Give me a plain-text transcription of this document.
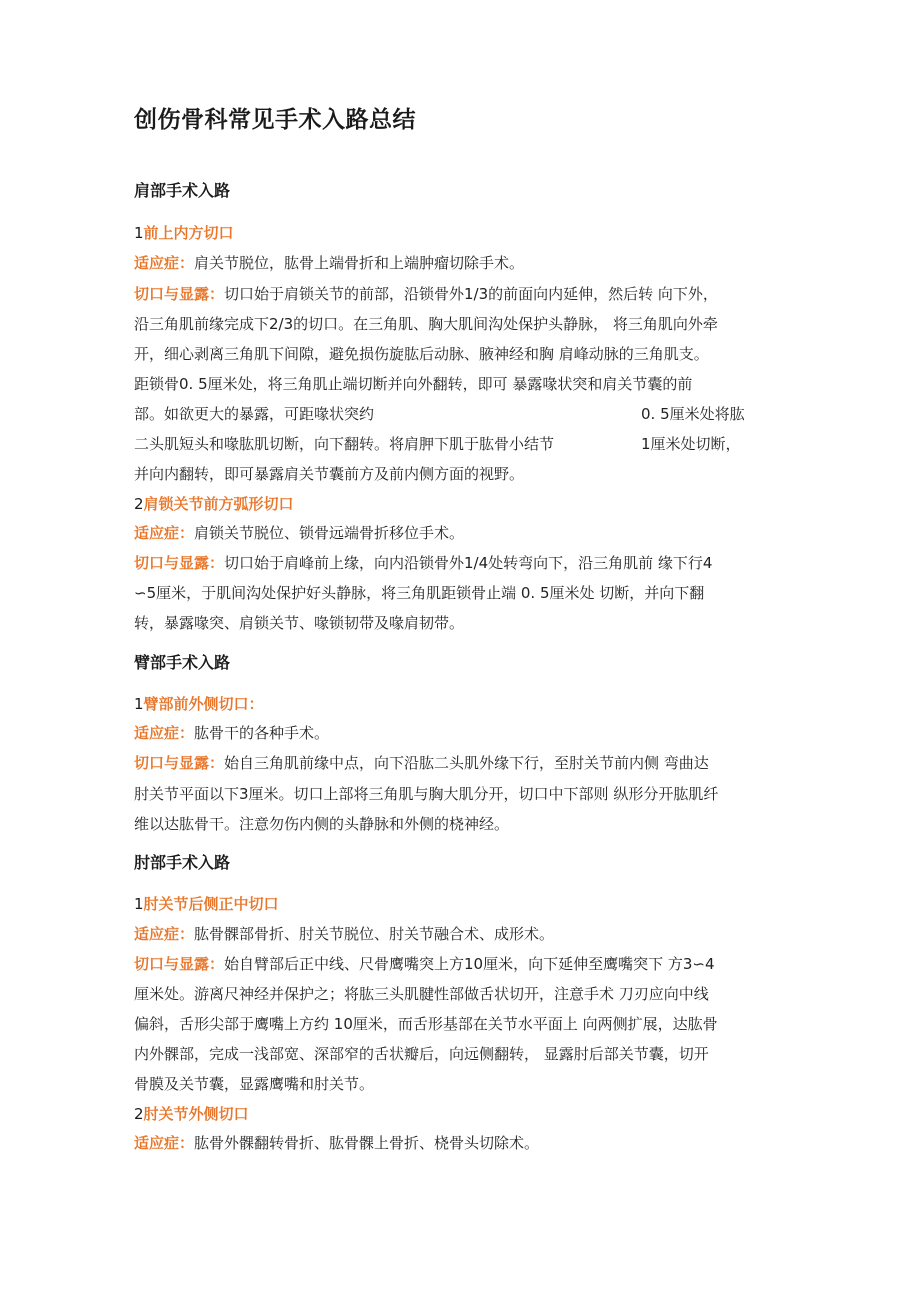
创伤骨科常见手术入路总结
肩部手术入路
1前上内方切口
适应症：肩关节脱位，肱骨上端骨折和上端肿瘤切除手术。
切口与显露：切口始于肩锁关节的前部，沿锁骨外1/3的前面向内延伸，然后转 向下外，
沿三角肌前缘完成下2/3的切口。在三角肌、胸大肌间沟处保护头静脉， 将三角肌向外牵
开，细心剥离三角肌下间隙，避免损伤旋肱后动脉、腋神经和胸 肩峰动脉的三角肌支。
距锁骨0. 5厘米处，将三角肌止端切断并向外翻转，即可 暴露喙状突和肩关节囊的前
部。如欲更大的暴露，可距喙状突约	0. 5厘米处将肱
二头肌短头和喙肱肌切断，向下翻转。将肩胛下肌于肱骨小结节	1厘米处切断，
并向内翻转，即可暴露肩关节囊前方及前内侧方面的视野。
2肩锁关节前方弧形切口
适应症：肩锁关节脱位、锁骨远端骨折移位手术。
切口与显露：切口始于肩峰前上缘，向内沿锁骨外1/4处转弯向下，沿三角肌前 缘下行4
∽5厘米，于肌间沟处保护好头静脉，将三角肌距锁骨止端 0. 5厘米处 切断，并向下翻
转，暴露喙突、肩锁关节、喙锁韧带及喙肩韧带。
臂部手术入路
1臂部前外侧切口：
适应症：肱骨干的各种手术。
切口与显露：始自三角肌前缘中点，向下沿肱二头肌外缘下行，至肘关节前内侧 弯曲达
肘关节平面以下3厘米。切口上部将三角肌与胸大肌分开，切口中下部则 纵形分开肱肌纤
维以达肱骨干。注意勿伤内侧的头静脉和外侧的桡神经。
肘部手术入路
1肘关节后侧正中切口
适应症：肱骨髁部骨折、肘关节脱位、肘关节融合术、成形术。
切口与显露：始自臂部后正中线、尺骨鹰嘴突上方10厘米，向下延伸至鹰嘴突下 方3∽4
厘米处。游离尺神经并保护之；将肱三头肌腱性部做舌状切开，注意手术 刀刃应向中线
偏斜，舌形尖部于鹰嘴上方约 10厘米，而舌形基部在关节水平面上 向两侧扩展，达肱骨
内外髁部，完成一浅部宽、深部窄的舌状瓣后，向远侧翻转， 显露肘后部关节囊，切开
骨膜及关节囊，显露鹰嘴和肘关节。
2肘关节外侧切口
适应症：肱骨外髁翻转骨折、肱骨髁上骨折、桡骨头切除术。
